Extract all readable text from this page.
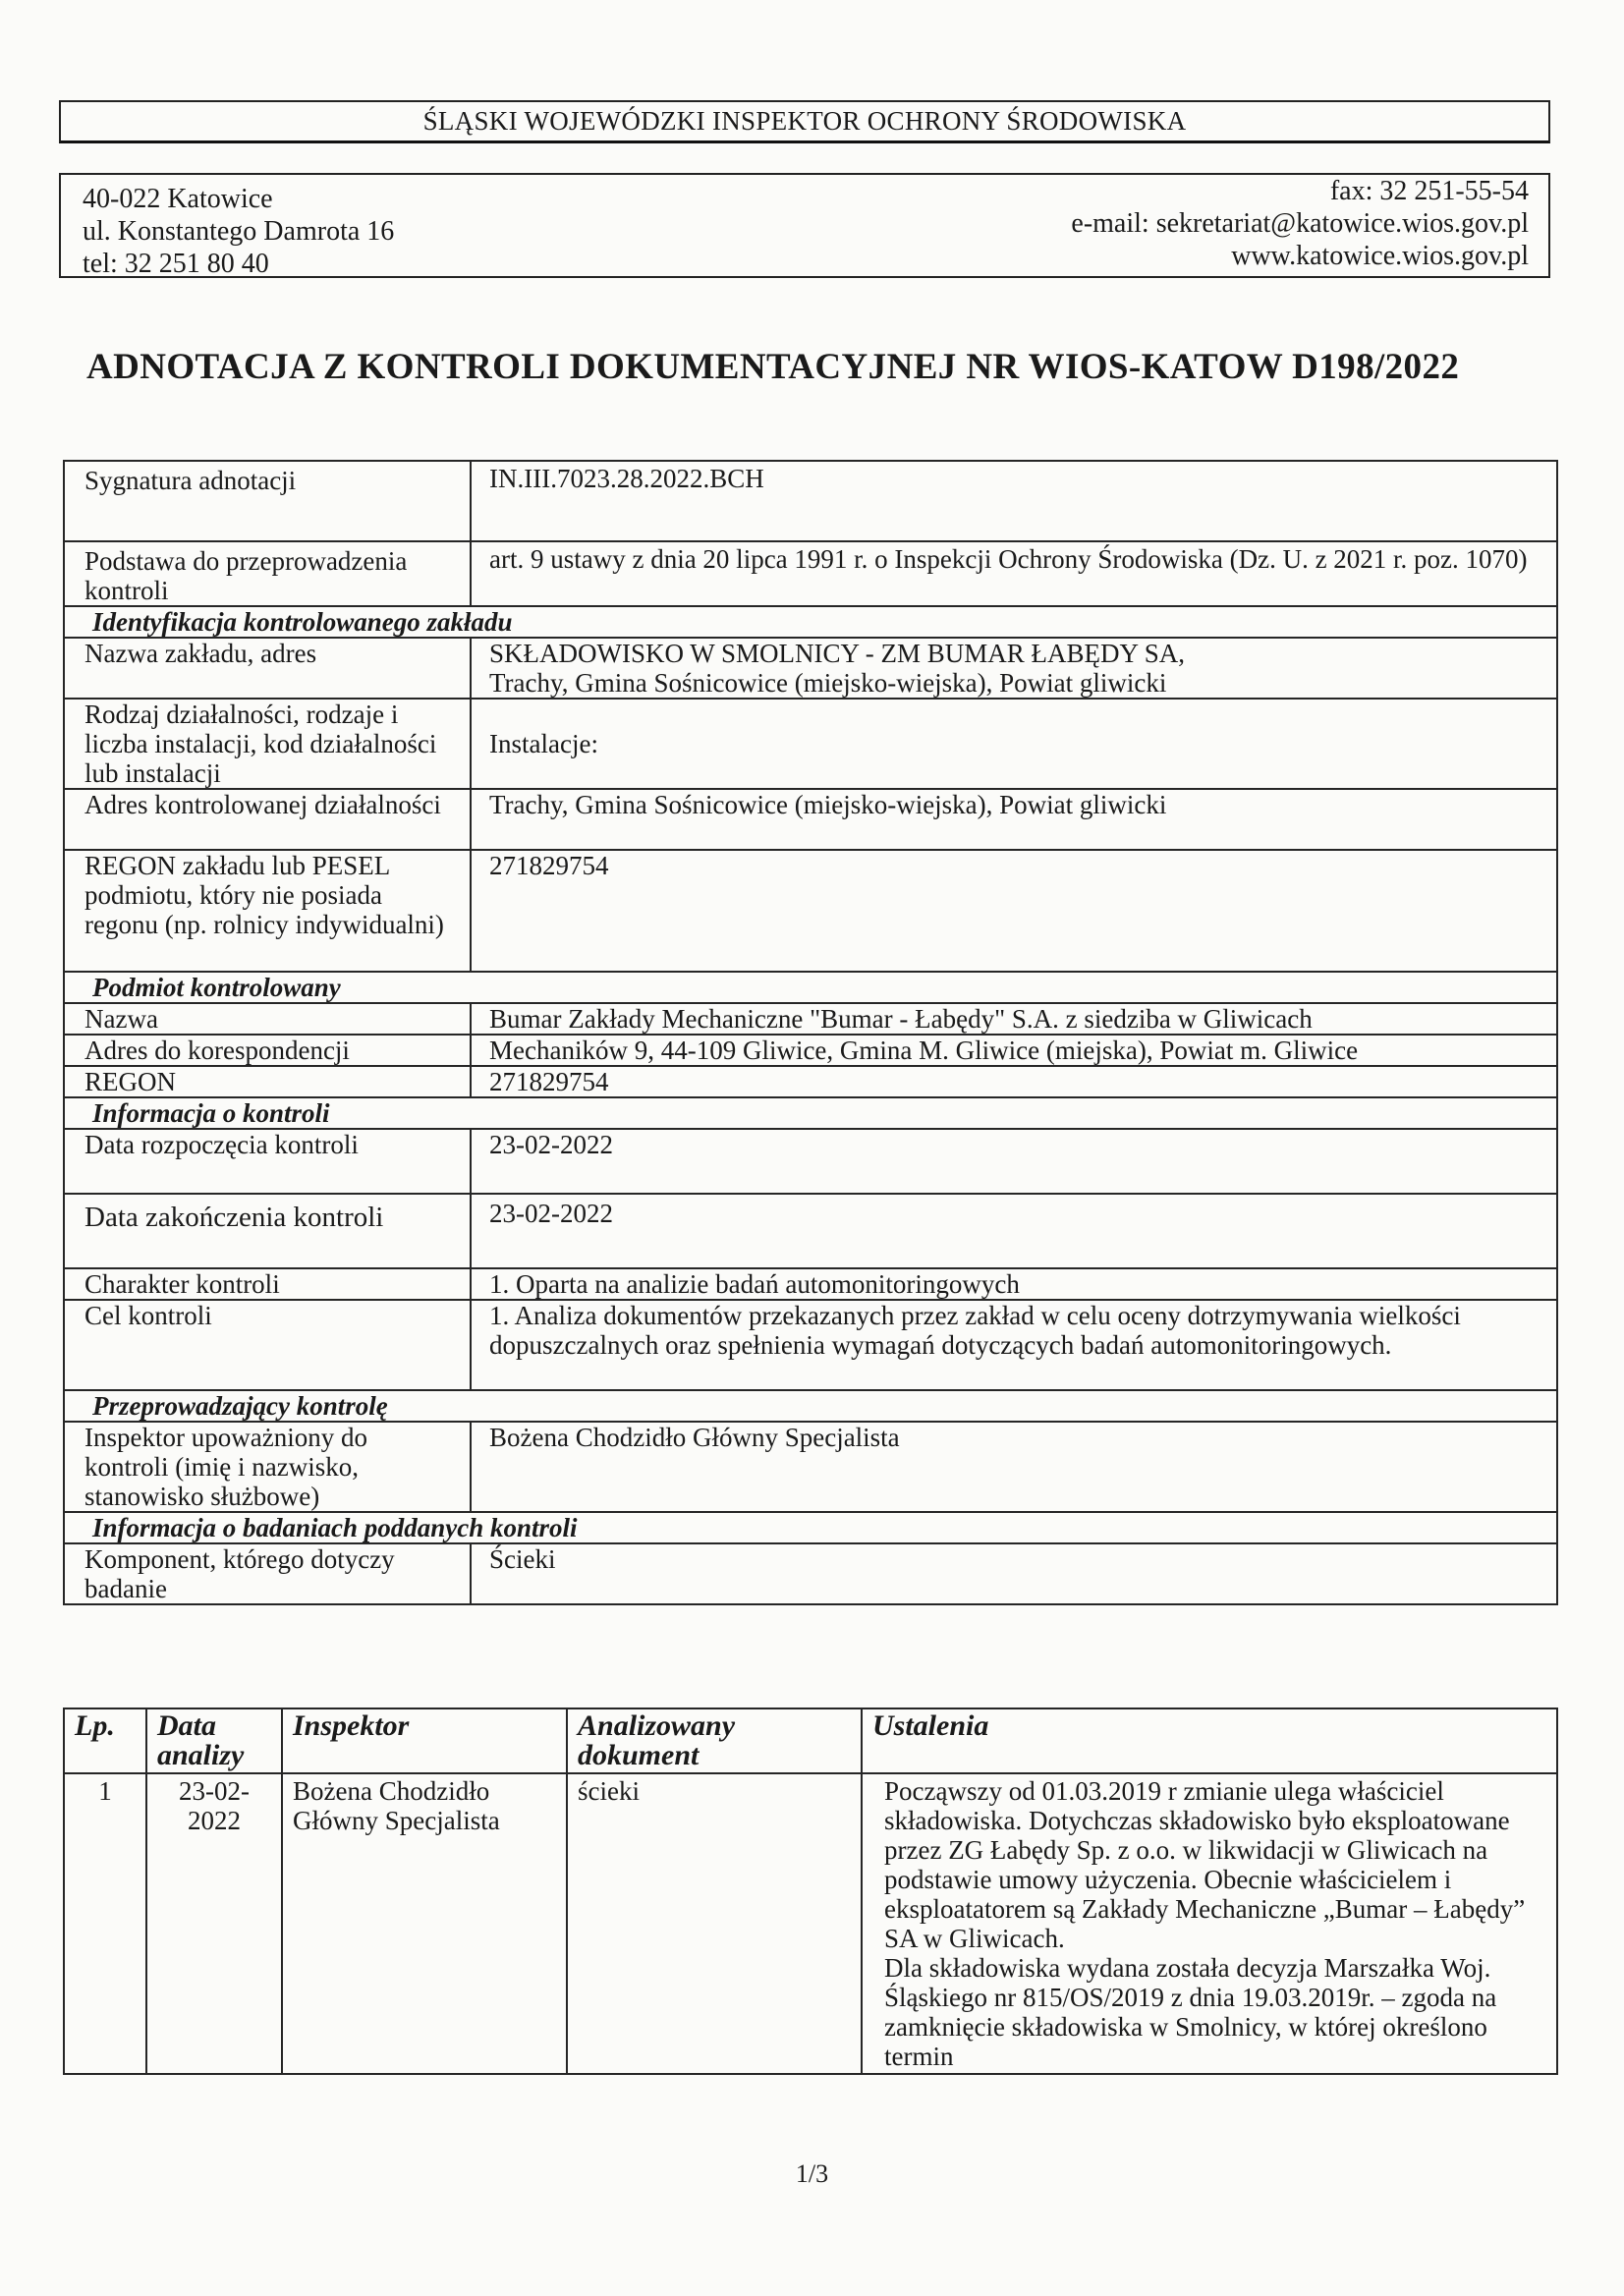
ŚLĄSKI WOJEWÓDZKI INSPEKTOR OCHRONY ŚRODOWISKA
40-022 Katowice
ul. Konstantego Damrota 16
tel: 32 251 80 40
fax: 32 251-55-54
e-mail: sekretariat@katowice.wios.gov.pl
www.katowice.wios.gov.pl
ADNOTACJA Z KONTROLI DOKUMENTACYJNEJ NR WIOS-KATOW D198/2022
Sygnatura adnotacji	IN.III.7023.28.2022.BCH
Podstawa do przeprowadzenia kontroli	art. 9 ustawy z dnia 20 lipca 1991 r. o Inspekcji Ochrony Środowiska (Dz. U. z 2021 r. poz. 1070)
Identyfikacja kontrolowanego zakładu	
Nazwa zakładu, adres	SKŁADOWISKO W SMOLNICY - ZM BUMAR ŁABĘDY SA,
Trachy, Gmina Sośnicowice (miejsko-wiejska), Powiat gliwicki

Rodzaj działalności, rodzaje i liczba instalacji, kod działalności lub instalacji	Instalacje:
Adres kontrolowanej działalności	Trachy, Gmina Sośnicowice (miejsko-wiejska), Powiat gliwicki
REGON zakładu lub PESEL podmiotu, który nie posiada regonu (np. rolnicy indywidualni)	271829754
Podmiot kontrolowany	
Nazwa	Bumar Zakłady Mechaniczne "Bumar - Łabędy" S.A. z siedziba w Gliwicach
Adres do korespondencji	Mechaników 9, 44-109 Gliwice, Gmina M. Gliwice (miejska), Powiat m. Gliwice
REGON	271829754
Informacja o kontroli	
Data rozpoczęcia kontroli	23-02-2022
Data zakończenia kontroli	23-02-2022
Charakter kontroli	1. Oparta na analizie badań automonitoringowych
Cel kontroli	1. Analiza dokumentów przekazanych przez zakład w celu oceny dotrzymywania wielkości dopuszczalnych oraz spełnienia wymagań dotyczących badań automonitoringowych.
Przeprowadzający kontrolę	
Inspektor upoważniony do kontroli (imię i nazwisko, stanowisko służbowe)	Bożena Chodzidło Główny Specjalista
Informacja o badaniach poddanych kontroli	
Komponent, którego dotyczy badanie	Ścieki
Lp.	Data analizy	Inspektor	Analizowany dokument	Ustalenia
1	23-02-2022	Bożena Chodzidło Główny Specjalista	ścieki	Począwszy od 01.03.2019 r zmianie ulega właściciel składowiska. Dotychczas składowisko było eksploatowane przez ZG Łabędy Sp. z o.o. w likwidacji w Gliwicach na podstawie umowy użyczenia. Obecnie właścicielem i eksploatatorem są Zakłady Mechaniczne „Bumar – Łabędy” SA w Gliwicach.
Dla składowiska wydana została decyzja Marszałka Woj. Śląskiego nr 815/OS/2019 z dnia 19.03.2019r. – zgoda na zamknięcie składowiska w Smolnicy, w której określono termin
1/3
